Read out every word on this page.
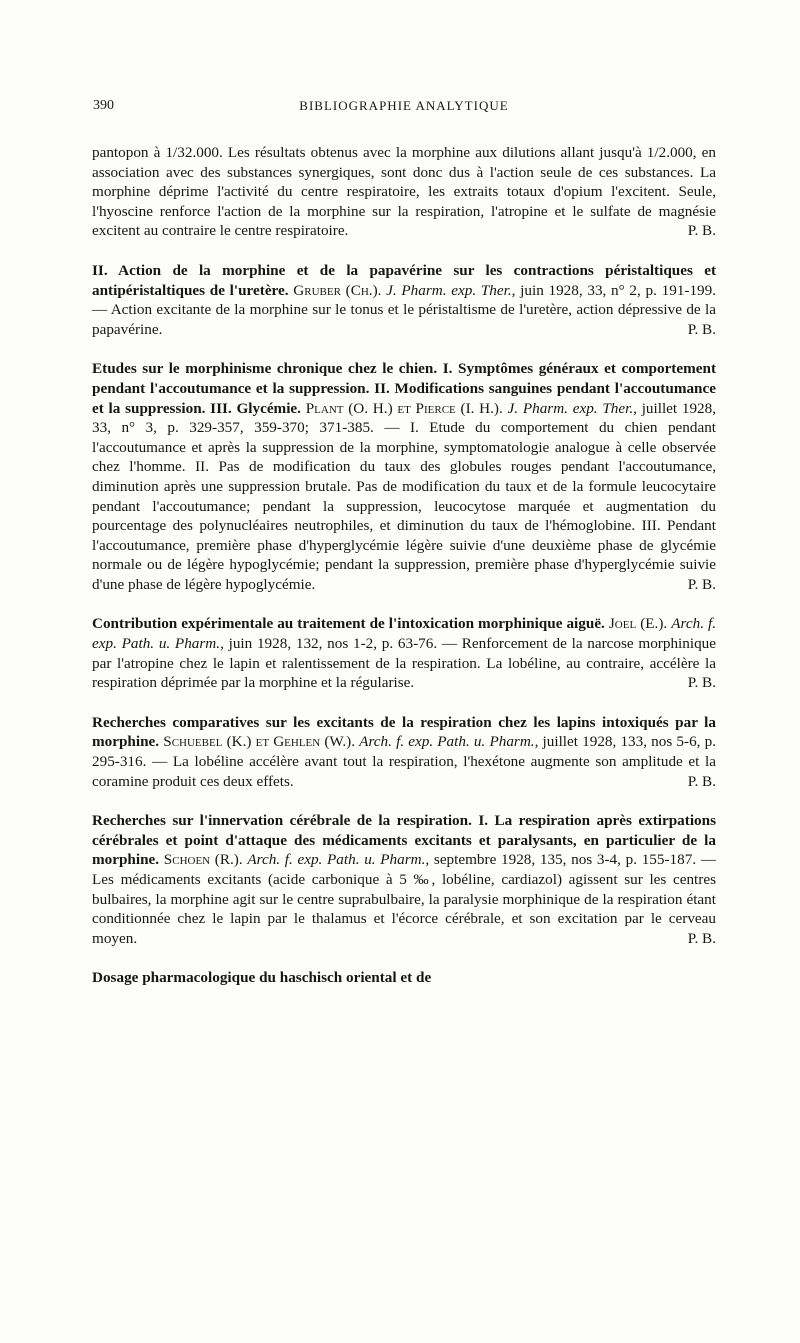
390	BIBLIOGRAPHIE ANALYTIQUE

pantopon à 1/32.000. Les résultats obtenus avec la morphine aux dilutions allant jusqu'à 1/2.000, en association avec des substances synergiques, sont donc dus à l'action seule de ces substances. La morphine déprime l'activité du centre respiratoire, les extraits totaux d'opium l'excitent. Seule, l'hyoscine renforce l'action de la morphine sur la respiration, l'atropine et le sulfate de magnésie excitent au contraire le centre respiratoire.	P. B.

II. Action de la morphine et de la papavérine sur les contractions péristaltiques et antipéristaltiques de l'uretère. Gruber (Ch.). J. Pharm. exp. Ther., juin 1928, 33, n° 2, p. 191-199. — Action excitante de la morphine sur le tonus et le péristaltisme de l'uretère, action dépressive de la papavérine.	P. B.

Etudes sur le morphinisme chronique chez le chien. I. Symptômes généraux et comportement pendant l'accoutumance et la suppression. II. Modifications sanguines pendant l'accoutumance et la suppression. III. Glycémie. Plant (O. H.) et Pierce (I. H.). J. Pharm. exp. Ther., juillet 1928, 33, n° 3, p. 329-357, 359-370; 371-385. — I. Etude du comportement du chien pendant l'accoutumance et après la suppression de la morphine, symptomatologie analogue à celle observée chez l'homme. II. Pas de modification du taux des globules rouges pendant l'accoutumance, diminution après une suppression brutale. Pas de modification du taux et de la formule leucocytaire pendant l'accoutumance; pendant la suppression, leucocytose marquée et augmentation du pourcentage des polynucléaires neutrophiles, et diminution du taux de l'hémoglobine. III. Pendant l'accoutumance, première phase d'hyperglycémie légère suivie d'une deuxième phase de glycémie normale ou de légère hypoglycémie; pendant la suppression, première phase d'hyperglycémie suivie d'une phase de légère hypoglycémie.	P. B.

Contribution expérimentale au traitement de l'intoxication morphinique aiguë. Joel (E.). Arch. f. exp. Path. u. Pharm., juin 1928, 132, nos 1-2, p. 63-76. — Renforcement de la narcose morphinique par l'atropine chez le lapin et ralentissement de la respiration. La lobéline, au contraire, accélère la respiration déprimée par la morphine et la régularise.	P. B.

Recherches comparatives sur les excitants de la respiration chez les lapins intoxiqués par la morphine. Schuebel (K.) et Gehlen (W.). Arch. f. exp. Path. u. Pharm., juillet 1928, 133, nos 5-6, p. 295-316. — La lobéline accélère avant tout la respiration, l'hexétone augmente son amplitude et la coramine produit ces deux effets.	P. B.

Recherches sur l'innervation cérébrale de la respiration. I. La respiration après extirpations cérébrales et point d'attaque des médicaments excitants et paralysants, en particulier de la morphine. Schoen (R.). Arch. f. exp. Path. u. Pharm., septembre 1928, 135, nos 3-4, p. 155-187. — Les médicaments excitants (acide carbonique à 5 ‰, lobéline, cardiazol) agissent sur les centres bulbaires, la morphine agit sur le centre suprabulbaire, la paralysie morphinique de la respiration étant conditionnée chez le lapin par le thalamus et l'écorce cérébrale, et son excitation par le cerveau moyen.	P. B.

Dosage pharmacologique du haschisch oriental et de
